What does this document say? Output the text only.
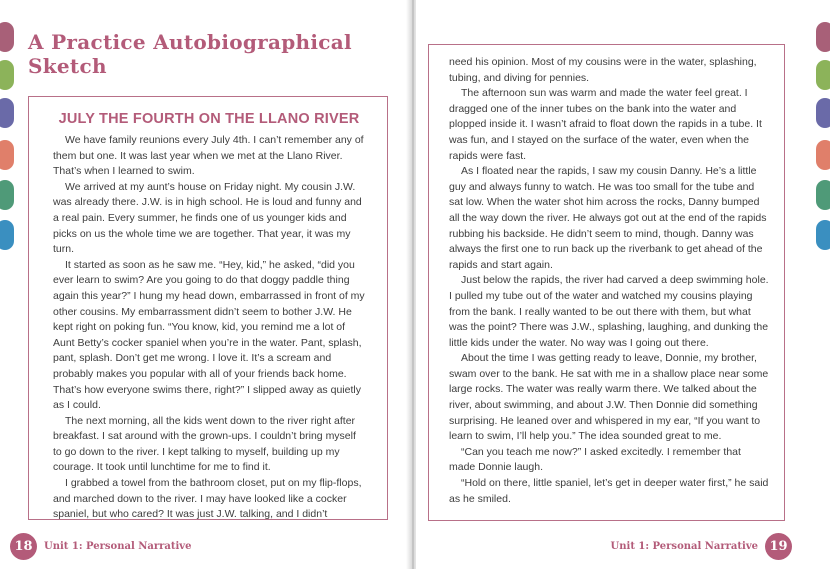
A Practice Autobiographical Sketch
JULY THE FOURTH ON THE LLANO RIVER

We have family reunions every July 4th. I can’t remember any of them but one. It was last year when we met at the Llano River. That’s when I learned to swim.

We arrived at my aunt’s house on Friday night. My cousin J.W. was already there. J.W. is in high school. He is loud and funny and a real pain. Every summer, he finds one of us younger kids and picks on us the whole time we are together. That year, it was my turn.

It started as soon as he saw me. “Hey, kid,” he asked, “did you ever learn to swim? Are you going to do that doggy paddle thing again this year?” I hung my head down, embarrassed in front of my other cousins. My embarrassment didn’t seem to bother J.W. He kept right on poking fun. “You know, kid, you remind me a lot of Aunt Betty’s cocker spaniel when you’re in the water. Pant, splash, pant, splash. Don’t get me wrong. I love it. It’s a scream and probably makes you popular with all of your friends back home. That’s how everyone swims there, right?” I slipped away as quietly as I could.

The next morning, all the kids went down to the river right after breakfast. I sat around with the grown-ups. I couldn’t bring myself to go down to the river. I kept talking to myself, building up my courage. It took until lunchtime for me to find it.

I grabbed a towel from the bathroom closet, put on my flip-flops, and marched down to the river. I may have looked like a cocker spaniel, but who cared? It was just J.W. talking, and I didn’t

18	Unit 1: Personal Narrative

need his opinion. Most of my cousins were in the water, splashing, tubing, and diving for pennies.

The afternoon sun was warm and made the water feel great. I dragged one of the inner tubes on the bank into the water and plopped inside it. I wasn’t afraid to float down the rapids in a tube. It was fun, and I stayed on the surface of the water, even when the rapids were fast.

As I floated near the rapids, I saw my cousin Danny. He’s a little guy and always funny to watch. He was too small for the tube and sat low. When the water shot him across the rocks, Danny bumped all the way down the river. He always got out at the end of the rapids rubbing his backside. He didn’t seem to mind, though. Danny was always the first one to run back up the riverbank to get ahead of the rapids and start again.

Just below the rapids, the river had carved a deep swimming hole. I pulled my tube out of the water and watched my cousins playing from the bank. I really wanted to be out there with them, but what was the point? There was J.W., splashing, laughing, and dunking the little kids under the water. No way was I going out there.

About the time I was getting ready to leave, Donnie, my brother, swam over to the bank. He sat with me in a shallow place near some large rocks. The water was really warm there. We talked about the river, about swimming, and about J.W. Then Donnie did something surprising. He leaned over and whispered in my ear, “If you want to learn to swim, I’ll help you.” The idea sounded great to me.

“Can you teach me now?” I asked excitedly. I remember that made Donnie laugh.

“Hold on there, little spaniel, let’s get in deeper water first,” he said as he smiled.

Unit 1: Personal Narrative 19
